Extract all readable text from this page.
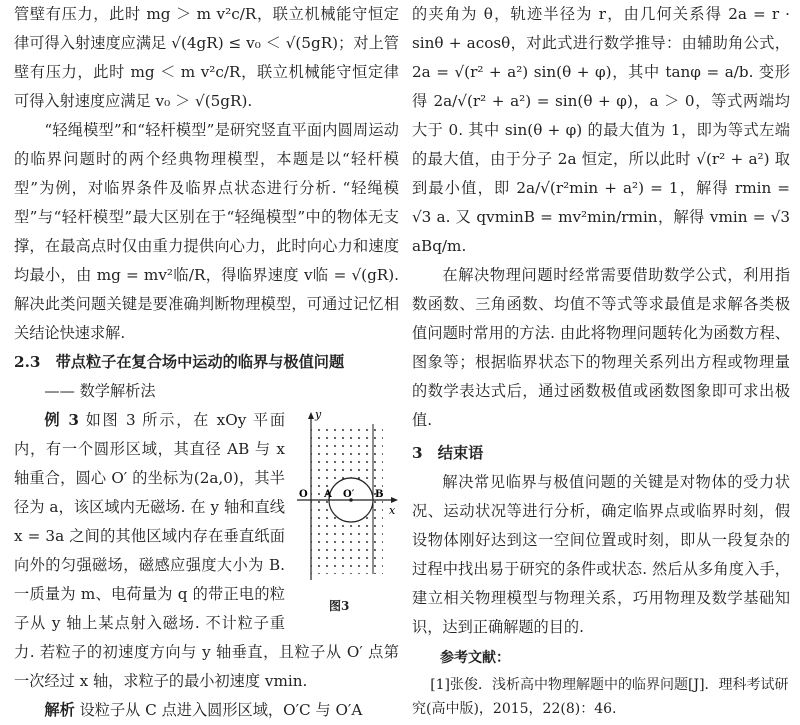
管壁有压力，此时 mg ＞ m v²c/R，联立机械能守恒定律可得入射速度应满足 √(4gR) ≤ v₀ ＜ √(5gR)；对上管壁有压力，此时 mg ＜ m v²c/R，联立机械能守恒定律可得入射速度应满足 v₀ ＞ √(5gR).

“轻绳模型”和“轻杆模型”是研究竖直平面内圆周运动的临界问题时的两个经典物理模型，本题是以“轻杆模型”为例，对临界条件及临界点状态进行分析. “轻绳模型”与“轻杆模型”最大区别在于“轻绳模型”中的物体无支撑，在最高点时仅由重力提供向心力，此时向心力和速度均最小，由 mg = mv²临/R，得临界速度 v临 = √(gR). 解决此类问题关键是要准确判断物理模型，可通过记忆相关结论快速求解.

2.3　带点粒子在复合场中运动的临界与极值问题

—— 数学解析法

y
x
O A O′ B
图3

例 3 如图 3 所示，在 xOy 平面内，有一个圆形区域，其直径 AB 与 x 轴重合，圆心 O′ 的坐标为(2a,0)，其半径为 a，该区域内无磁场. 在 y 轴和直线 x = 3a 之间的其他区域内存在垂直纸面向外的匀强磁场，磁感应强度大小为 B. 一质量为 m、电荷量为 q 的带正电的粒子从 y 轴上某点射入磁场. 不计粒子重力. 若粒子的初速度方向与 y 轴垂直，且粒子从 O′ 点第一次经过 x 轴，求粒子的最小初速度 vmin.

解析 设粒子从 C 点进入圆形区域，O′C 与 O′A

的夹角为 θ，轨迹半径为 r，由几何关系得 2a = r · sinθ + acosθ，对此式进行数学推导：由辅助角公式，2a = √(r² + a²) sin(θ + φ)，其中 tanφ = a/b. 变形得 2a/√(r² + a²) = sin(θ + φ)，a ＞ 0，等式两端均大于 0. 其中 sin(θ + φ) 的最大值为 1，即为等式左端的最大值，由于分子 2a 恒定，所以此时 √(r² + a²) 取到最小值，即 2a/√(r²min + a²) = 1，解得 rmin = √3 a. 又 qvminB = mv²min/rmin，解得 vmin = √3 aBq/m.

在解决物理问题时经常需要借助数学公式，利用指数函数、三角函数、均值不等式等求最值是求解各类极值问题时常用的方法. 由此将物理问题转化为函数方程、图象等；根据临界状态下的物理关系列出方程或物理量的数学表达式后，通过函数极值或函数图象即可求出极值.

3　结束语

解决常见临界与极值问题的关键是对物体的受力状况、运动状况等进行分析，确定临界点或临界时刻，假设物体刚好达到这一空间位置或时刻，即从一段复杂的过程中找出易于研究的条件或状态. 然后从多角度入手，建立相关物理模型与物理关系，巧用物理及数学基础知识，达到正确解题的目的.

参考文献：

[1]张俊．浅析高中物理解题中的临界问题[J]．理科考试研究(高中版)，2015，22(8)：46.
